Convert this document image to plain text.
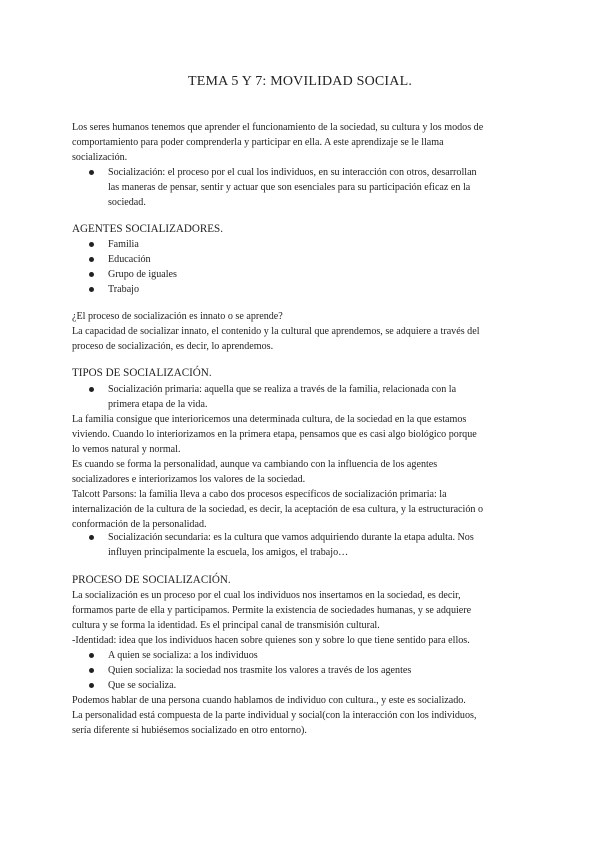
TEMA 5 Y 7: MOVILIDAD SOCIAL.
Los seres humanos tenemos que aprender el funcionamiento de la sociedad, su cultura y los modos de
comportamiento para poder comprenderla y participar en ella. A este aprendizaje se le llama
socialización.
Socialización: el proceso por el cual los individuos, en su interacción con otros, desarrollan
las maneras de pensar, sentir y actuar que son esenciales para su participación eficaz en la
sociedad.
AGENTES SOCIALIZADORES.
Familia
Educación
Grupo de iguales
Trabajo
¿El proceso de socialización es innato o se aprende?
La capacidad de socializar innato, el contenido y la cultural que aprendemos, se adquiere a través del
proceso de socialización, es decir, lo aprendemos.
TIPOS DE SOCIALIZACIÓN.
Socialización primaria: aquella que se realiza a través de la familia, relacionada con la
primera etapa de la vida.
La familia consigue que interioricemos una determinada cultura, de la sociedad en la que estamos
viviendo. Cuando lo interiorizamos en la primera etapa, pensamos que es casi algo biológico porque
lo vemos natural y normal.
Es cuando se forma la personalidad, aunque va cambiando con la influencia de los agentes
socializadores e interiorizamos los valores de la sociedad.
Talcott Parsons: la familia lleva a cabo dos procesos específicos de socialización primaria: la
internalización de la cultura de la sociedad, es decir, la aceptación de esa cultura, y la estructuración o
conformación de la personalidad.
Socialización secundaria: es la cultura que vamos adquiriendo durante la etapa adulta. Nos
influyen principalmente la escuela, los amigos, el trabajo…
PROCESO DE SOCIALIZACIÓN.
La socialización es un proceso por el cual los individuos nos insertamos en la sociedad, es decir,
formamos parte de ella y participamos. Permite la existencia de sociedades humanas, y se adquiere
cultura y se forma la identidad. Es el principal canal de transmisión cultural.
-Identidad: idea que los individuos hacen sobre quienes son y sobre lo que tiene sentido para ellos.
A quien se socializa: a los individuos
Quien socializa: la sociedad nos trasmite los valores a través de los agentes
Que se socializa.
Podemos hablar de una persona cuando hablamos de individuo con cultura., y este es socializado.
La personalidad está compuesta de la parte individual y social(con la interacción con los individuos,
sería diferente si hubiésemos socializado en otro entorno).
